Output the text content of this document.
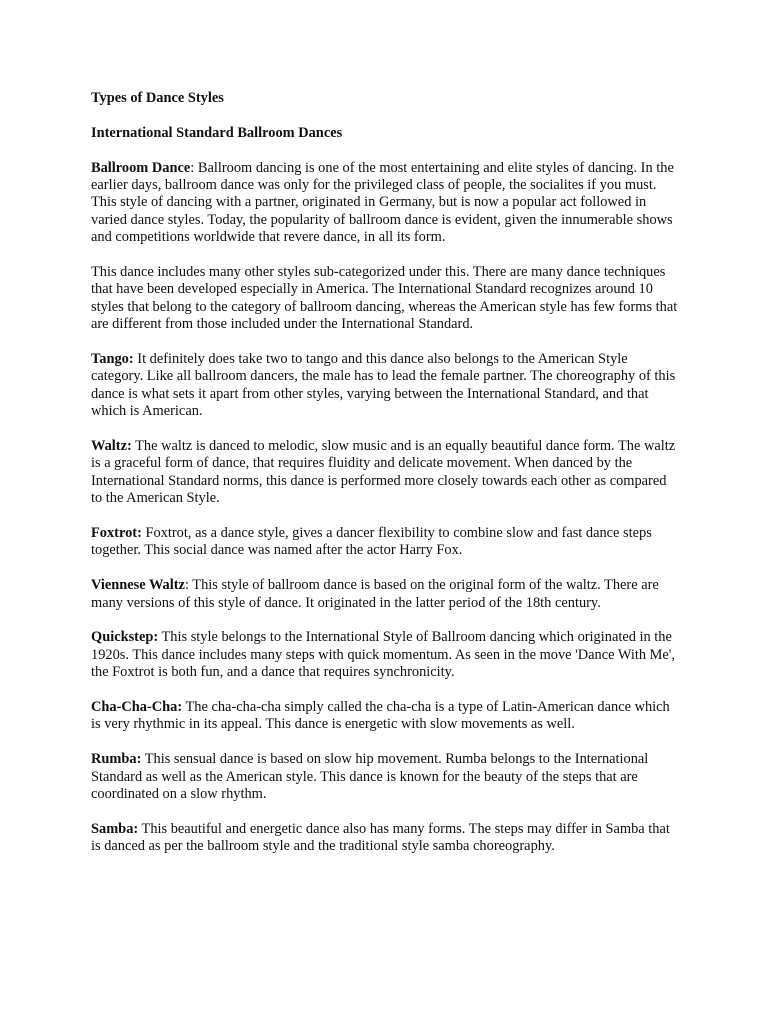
Types of Dance Styles

International Standard Ballroom Dances

Ballroom Dance: Ballroom dancing is one of the most entertaining and elite styles of dancing. In the earlier days, ballroom dance was only for the privileged class of people, the socialites if you must. This style of dancing with a partner, originated in Germany, but is now a popular act followed in varied dance styles. Today, the popularity of ballroom dance is evident, given the innumerable shows and competitions worldwide that revere dance, in all its form.

This dance includes many other styles sub-categorized under this. There are many dance techniques that have been developed especially in America. The International Standard recognizes around 10 styles that belong to the category of ballroom dancing, whereas the American style has few forms that are different from those included under the International Standard.

Tango: It definitely does take two to tango and this dance also belongs to the American Style category. Like all ballroom dancers, the male has to lead the female partner. The choreography of this dance is what sets it apart from other styles, varying between the International Standard, and that which is American.

Waltz: The waltz is danced to melodic, slow music and is an equally beautiful dance form. The waltz is a graceful form of dance, that requires fluidity and delicate movement. When danced by the International Standard norms, this dance is performed more closely towards each other as compared to the American Style.

Foxtrot: Foxtrot, as a dance style, gives a dancer flexibility to combine slow and fast dance steps together. This social dance was named after the actor Harry Fox.

Viennese Waltz: This style of ballroom dance is based on the original form of the waltz. There are many versions of this style of dance. It originated in the latter period of the 18th century.

Quickstep: This style belongs to the International Style of Ballroom dancing which originated in the 1920s. This dance includes many steps with quick momentum. As seen in the move 'Dance With Me', the Foxtrot is both fun, and a dance that requires synchronicity.

Cha-Cha-Cha: The cha-cha-cha simply called the cha-cha is a type of Latin-American dance which is very rhythmic in its appeal. This dance is energetic with slow movements as well.

Rumba: This sensual dance is based on slow hip movement. Rumba belongs to the International Standard as well as the American style. This dance is known for the beauty of the steps that are coordinated on a slow rhythm.

Samba: This beautiful and energetic dance also has many forms. The steps may differ in Samba that is danced as per the ballroom style and the traditional style samba choreography.
